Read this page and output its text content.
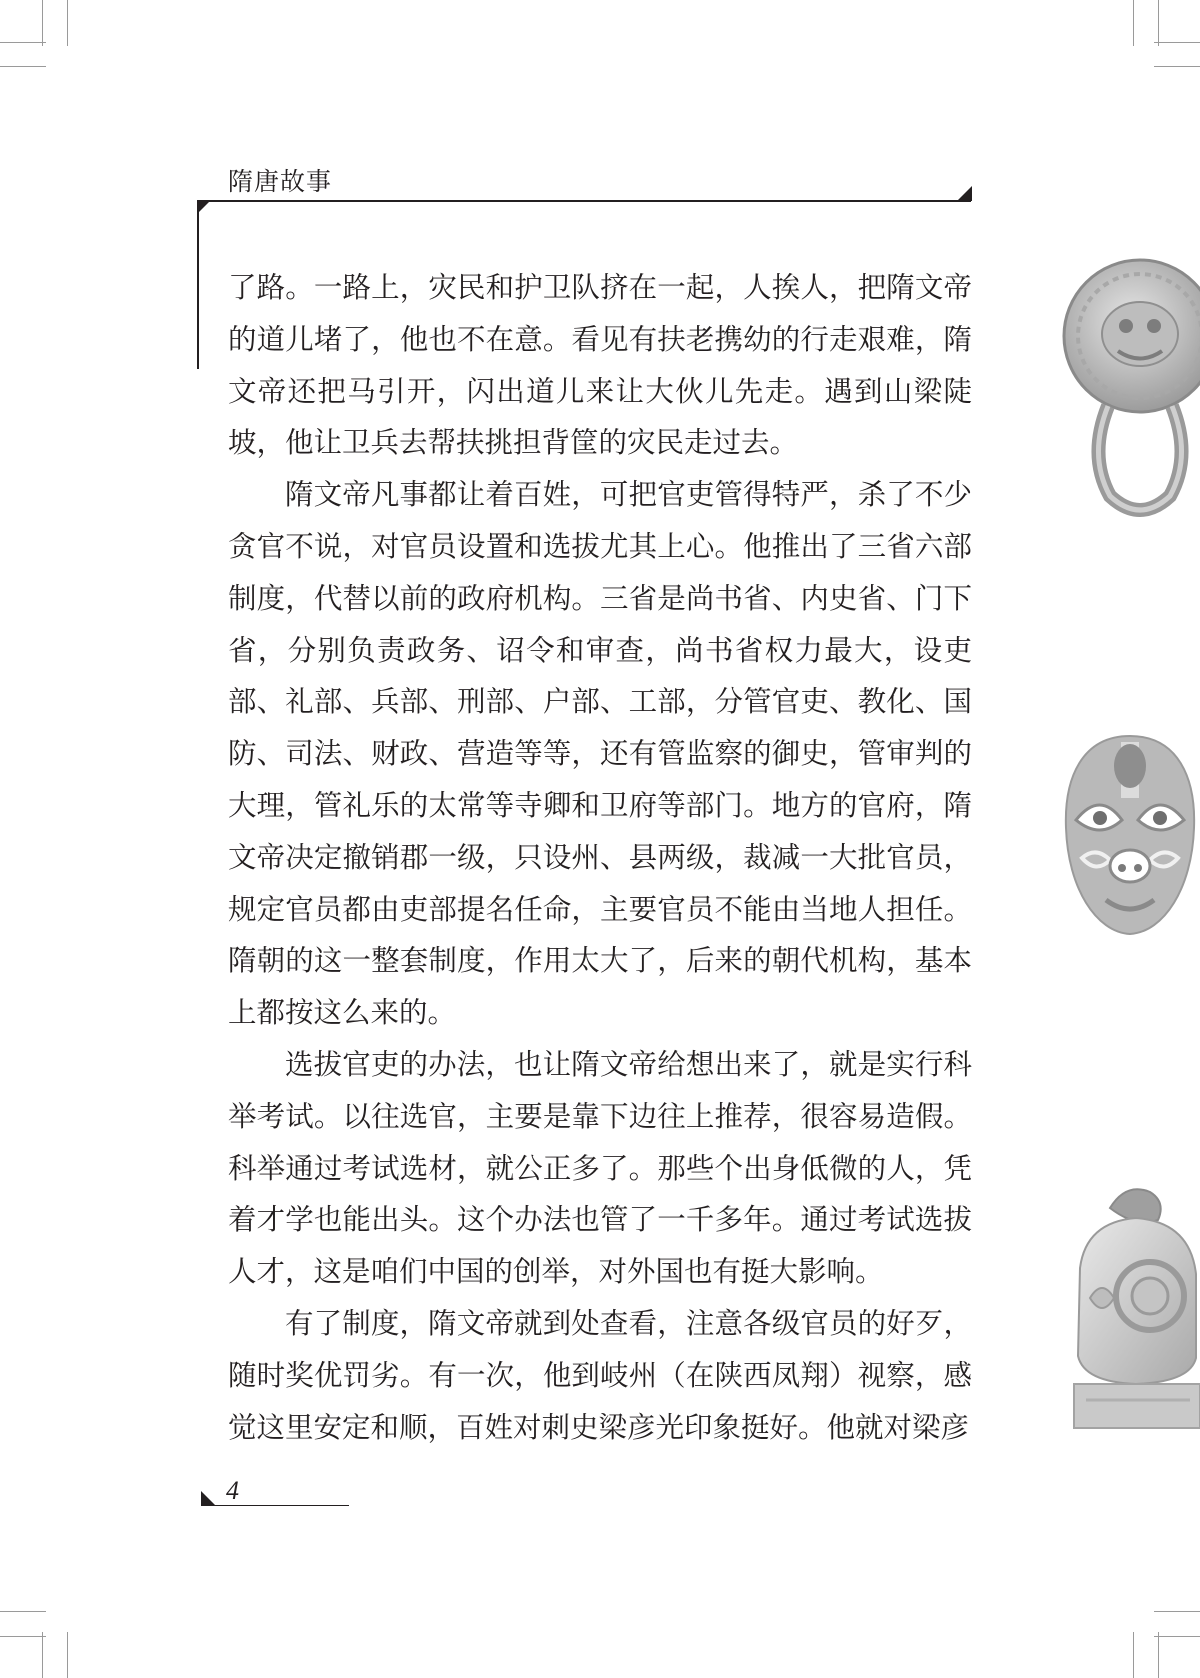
隋唐故事

了路。一路上，灾民和护卫队挤在一起，人挨人，把隋文帝的道儿堵了，他也不在意。看见有扶老携幼的行走艰难，隋文帝还把马引开，闪出道儿来让大伙儿先走。遇到山梁陡坡，他让卫兵去帮扶挑担背筐的灾民走过去。

隋文帝凡事都让着百姓，可把官吏管得特严，杀了不少贪官不说，对官员设置和选拔尤其上心。他推出了三省六部制度，代替以前的政府机构。三省是尚书省、内史省、门下省，分别负责政务、诏令和审查，尚书省权力最大，设吏部、礼部、兵部、刑部、户部、工部，分管官吏、教化、国防、司法、财政、营造等等，还有管监察的御史，管审判的大理，管礼乐的太常等寺卿和卫府等部门。地方的官府，隋文帝决定撤销郡一级，只设州、县两级，裁减一大批官员，规定官员都由吏部提名任命，主要官员不能由当地人担任。隋朝的这一整套制度，作用太大了，后来的朝代机构，基本上都按这么来的。

选拔官吏的办法，也让隋文帝给想出来了，就是实行科举考试。以往选官，主要是靠下边往上推荐，很容易造假。科举通过考试选材，就公正多了。那些个出身低微的人，凭着才学也能出头。这个办法也管了一千多年。通过考试选拔人才，这是咱们中国的创举，对外国也有挺大影响。

有了制度，隋文帝就到处查看，注意各级官员的好歹，随时奖优罚劣。有一次，他到岐州（在陕西凤翔）视察，感觉这里安定和顺，百姓对刺史梁彦光印象挺好。他就对梁彦

4
